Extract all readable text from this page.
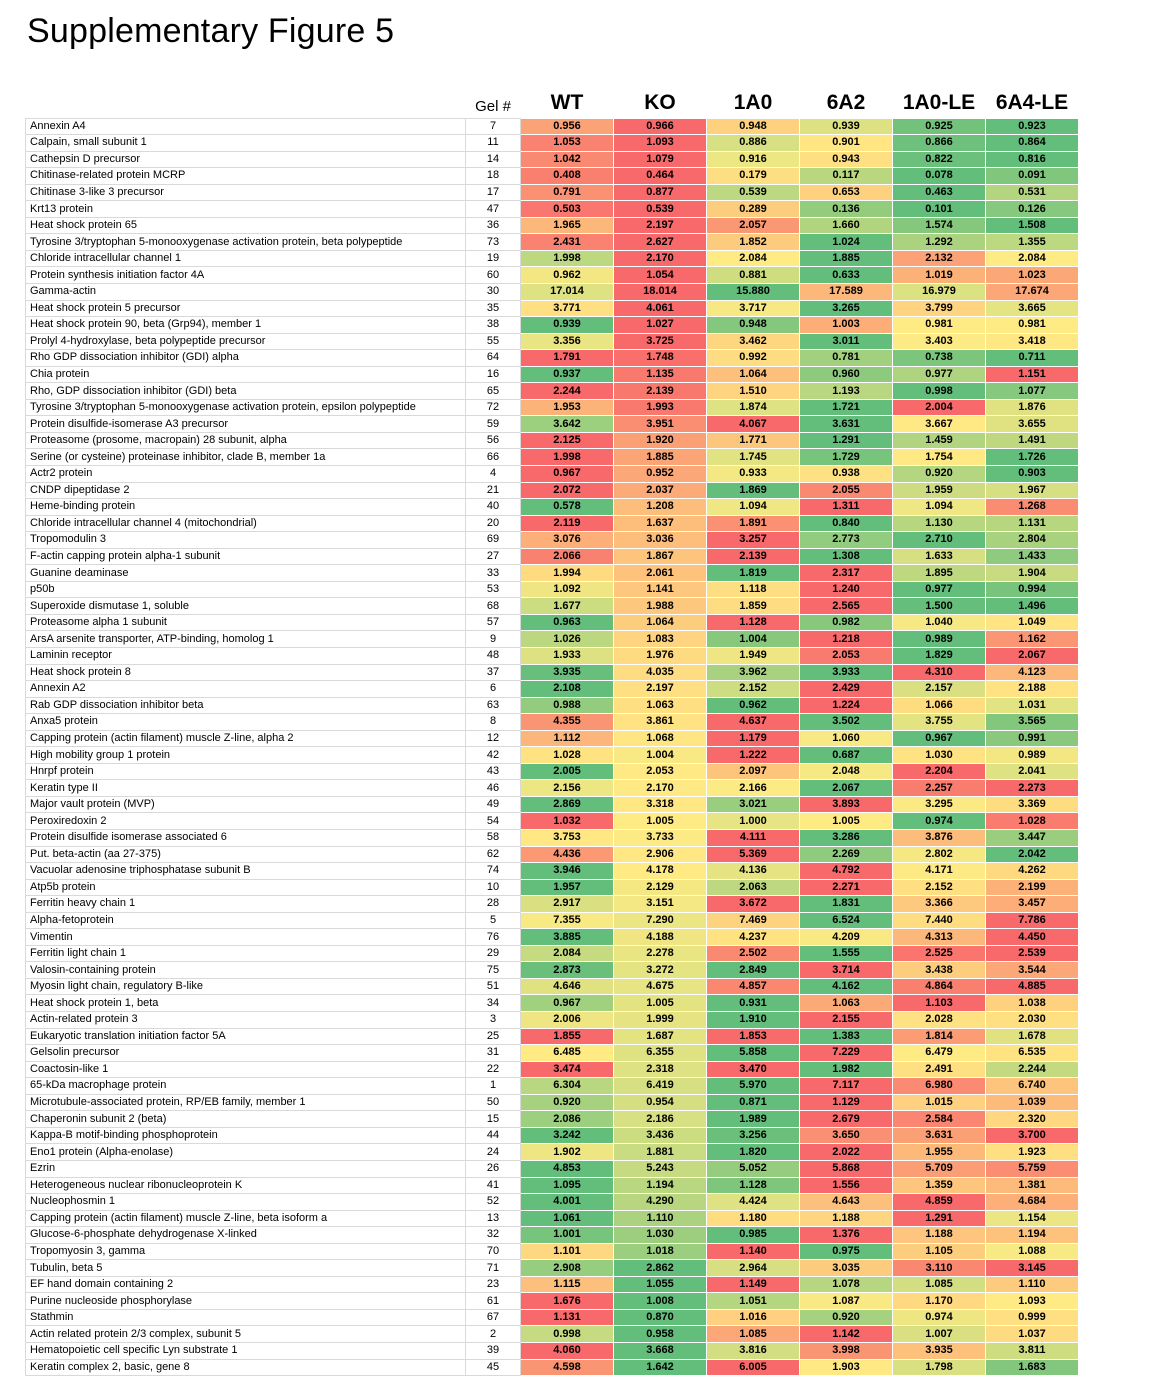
Supplementary Figure 5
	Gel #	WT	KO	1A0	6A2	1A0-LE	6A4-LE
Annexin A4	7	0.956	0.966	0.948	0.939	0.925	0.923
Calpain, small subunit 1	11	1.053	1.093	0.886	0.901	0.866	0.864
Cathepsin D precursor	14	1.042	1.079	0.916	0.943	0.822	0.816
Chitinase-related protein MCRP	18	0.408	0.464	0.179	0.117	0.078	0.091
Chitinase 3-like 3 precursor	17	0.791	0.877	0.539	0.653	0.463	0.531
Krt13 protein	47	0.503	0.539	0.289	0.136	0.101	0.126
Heat shock protein 65	36	1.965	2.197	2.057	1.660	1.574	1.508
Tyrosine 3/tryptophan 5-monooxygenase activation protein, beta polypeptide	73	2.431	2.627	1.852	1.024	1.292	1.355
Chloride intracellular channel 1	19	1.998	2.170	2.084	1.885	2.132	2.084
Protein synthesis initiation factor 4A	60	0.962	1.054	0.881	0.633	1.019	1.023
Gamma-actin	30	17.014	18.014	15.880	17.589	16.979	17.674
Heat shock protein 5 precursor	35	3.771	4.061	3.717	3.265	3.799	3.665
Heat shock protein 90, beta (Grp94), member 1	38	0.939	1.027	0.948	1.003	0.981	0.981
Prolyl 4-hydroxylase, beta polypeptide precursor	55	3.356	3.725	3.462	3.011	3.403	3.418
Rho GDP dissociation inhibitor (GDI) alpha	64	1.791	1.748	0.992	0.781	0.738	0.711
Chia protein	16	0.937	1.135	1.064	0.960	0.977	1.151
Rho, GDP dissociation inhibitor (GDI) beta	65	2.244	2.139	1.510	1.193	0.998	1.077
Tyrosine 3/tryptophan 5-monooxygenase activation protein, epsilon polypeptide	72	1.953	1.993	1.874	1.721	2.004	1.876
Protein disulfide-isomerase A3 precursor	59	3.642	3.951	4.067	3.631	3.667	3.655
Proteasome (prosome, macropain) 28 subunit, alpha	56	2.125	1.920	1.771	1.291	1.459	1.491
Serine (or cysteine) proteinase inhibitor, clade B, member 1a	66	1.998	1.885	1.745	1.729	1.754	1.726
Actr2 protein	4	0.967	0.952	0.933	0.938	0.920	0.903
CNDP dipeptidase 2	21	2.072	2.037	1.869	2.055	1.959	1.967
Heme-binding protein	40	0.578	1.208	1.094	1.311	1.094	1.268
Chloride intracellular channel 4 (mitochondrial)	20	2.119	1.637	1.891	0.840	1.130	1.131
Tropomodulin 3	69	3.076	3.036	3.257	2.773	2.710	2.804
F-actin capping protein alpha-1 subunit	27	2.066	1.867	2.139	1.308	1.633	1.433
Guanine deaminase	33	1.994	2.061	1.819	2.317	1.895	1.904
p50b	53	1.092	1.141	1.118	1.240	0.977	0.994
Superoxide dismutase 1, soluble	68	1.677	1.988	1.859	2.565	1.500	1.496
Proteasome alpha 1 subunit	57	0.963	1.064	1.128	0.982	1.040	1.049
ArsA arsenite transporter, ATP-binding, homolog 1	9	1.026	1.083	1.004	1.218	0.989	1.162
Laminin receptor	48	1.933	1.976	1.949	2.053	1.829	2.067
Heat shock protein 8	37	3.935	4.035	3.962	3.933	4.310	4.123
Annexin A2	6	2.108	2.197	2.152	2.429	2.157	2.188
Rab GDP dissociation inhibitor beta	63	0.988	1.063	0.962	1.224	1.066	1.031
Anxa5 protein	8	4.355	3.861	4.637	3.502	3.755	3.565
Capping protein (actin filament) muscle Z-line, alpha 2	12	1.112	1.068	1.179	1.060	0.967	0.991
High mobility group 1 protein	42	1.028	1.004	1.222	0.687	1.030	0.989
Hnrpf protein	43	2.005	2.053	2.097	2.048	2.204	2.041
Keratin type II	46	2.156	2.170	2.166	2.067	2.257	2.273
Major vault protein (MVP)	49	2.869	3.318	3.021	3.893	3.295	3.369
Peroxiredoxin 2	54	1.032	1.005	1.000	1.005	0.974	1.028
Protein disulfide isomerase associated 6	58	3.753	3.733	4.111	3.286	3.876	3.447
Put. beta-actin (aa 27-375)	62	4.436	2.906	5.369	2.269	2.802	2.042
Vacuolar adenosine triphosphatase subunit B	74	3.946	4.178	4.136	4.792	4.171	4.262
Atp5b protein	10	1.957	2.129	2.063	2.271	2.152	2.199
Ferritin heavy chain 1	28	2.917	3.151	3.672	1.831	3.366	3.457
Alpha-fetoprotein	5	7.355	7.290	7.469	6.524	7.440	7.786
Vimentin	76	3.885	4.188	4.237	4.209	4.313	4.450
Ferritin light chain 1	29	2.084	2.278	2.502	1.555	2.525	2.539
Valosin-containing protein	75	2.873	3.272	2.849	3.714	3.438	3.544
Myosin light chain, regulatory B-like	51	4.646	4.675	4.857	4.162	4.864	4.885
Heat shock protein 1, beta	34	0.967	1.005	0.931	1.063	1.103	1.038
Actin-related protein 3	3	2.006	1.999	1.910	2.155	2.028	2.030
Eukaryotic translation initiation factor 5A	25	1.855	1.687	1.853	1.383	1.814	1.678
Gelsolin precursor	31	6.485	6.355	5.858	7.229	6.479	6.535
Coactosin-like 1	22	3.474	2.318	3.470	1.982	2.491	2.244
65-kDa macrophage protein	1	6.304	6.419	5.970	7.117	6.980	6.740
Microtubule-associated protein, RP/EB family, member 1	50	0.920	0.954	0.871	1.129	1.015	1.039
Chaperonin subunit 2 (beta)	15	2.086	2.186	1.989	2.679	2.584	2.320
Kappa-B motif-binding phosphoprotein	44	3.242	3.436	3.256	3.650	3.631	3.700
Eno1 protein (Alpha-enolase)	24	1.902	1.881	1.820	2.022	1.955	1.923
Ezrin	26	4.853	5.243	5.052	5.868	5.709	5.759
Heterogeneous nuclear ribonucleoprotein K	41	1.095	1.194	1.128	1.556	1.359	1.381
Nucleophosmin 1	52	4.001	4.290	4.424	4.643	4.859	4.684
Capping protein (actin filament) muscle Z-line, beta isoform a	13	1.061	1.110	1.180	1.188	1.291	1.154
Glucose-6-phosphate dehydrogenase X-linked	32	1.001	1.030	0.985	1.376	1.188	1.194
Tropomyosin 3, gamma	70	1.101	1.018	1.140	0.975	1.105	1.088
Tubulin, beta 5	71	2.908	2.862	2.964	3.035	3.110	3.145
EF hand domain containing 2	23	1.115	1.055	1.149	1.078	1.085	1.110
Purine nucleoside phosphorylase	61	1.676	1.008	1.051	1.087	1.170	1.093
Stathmin	67	1.131	0.870	1.016	0.920	0.974	0.999
Actin related protein 2/3 complex, subunit 5	2	0.998	0.958	1.085	1.142	1.007	1.037
Hematopoietic cell specific Lyn substrate 1	39	4.060	3.668	3.816	3.998	3.935	3.811
Keratin complex 2, basic, gene 8	45	4.598	1.642	6.005	1.903	1.798	1.683
